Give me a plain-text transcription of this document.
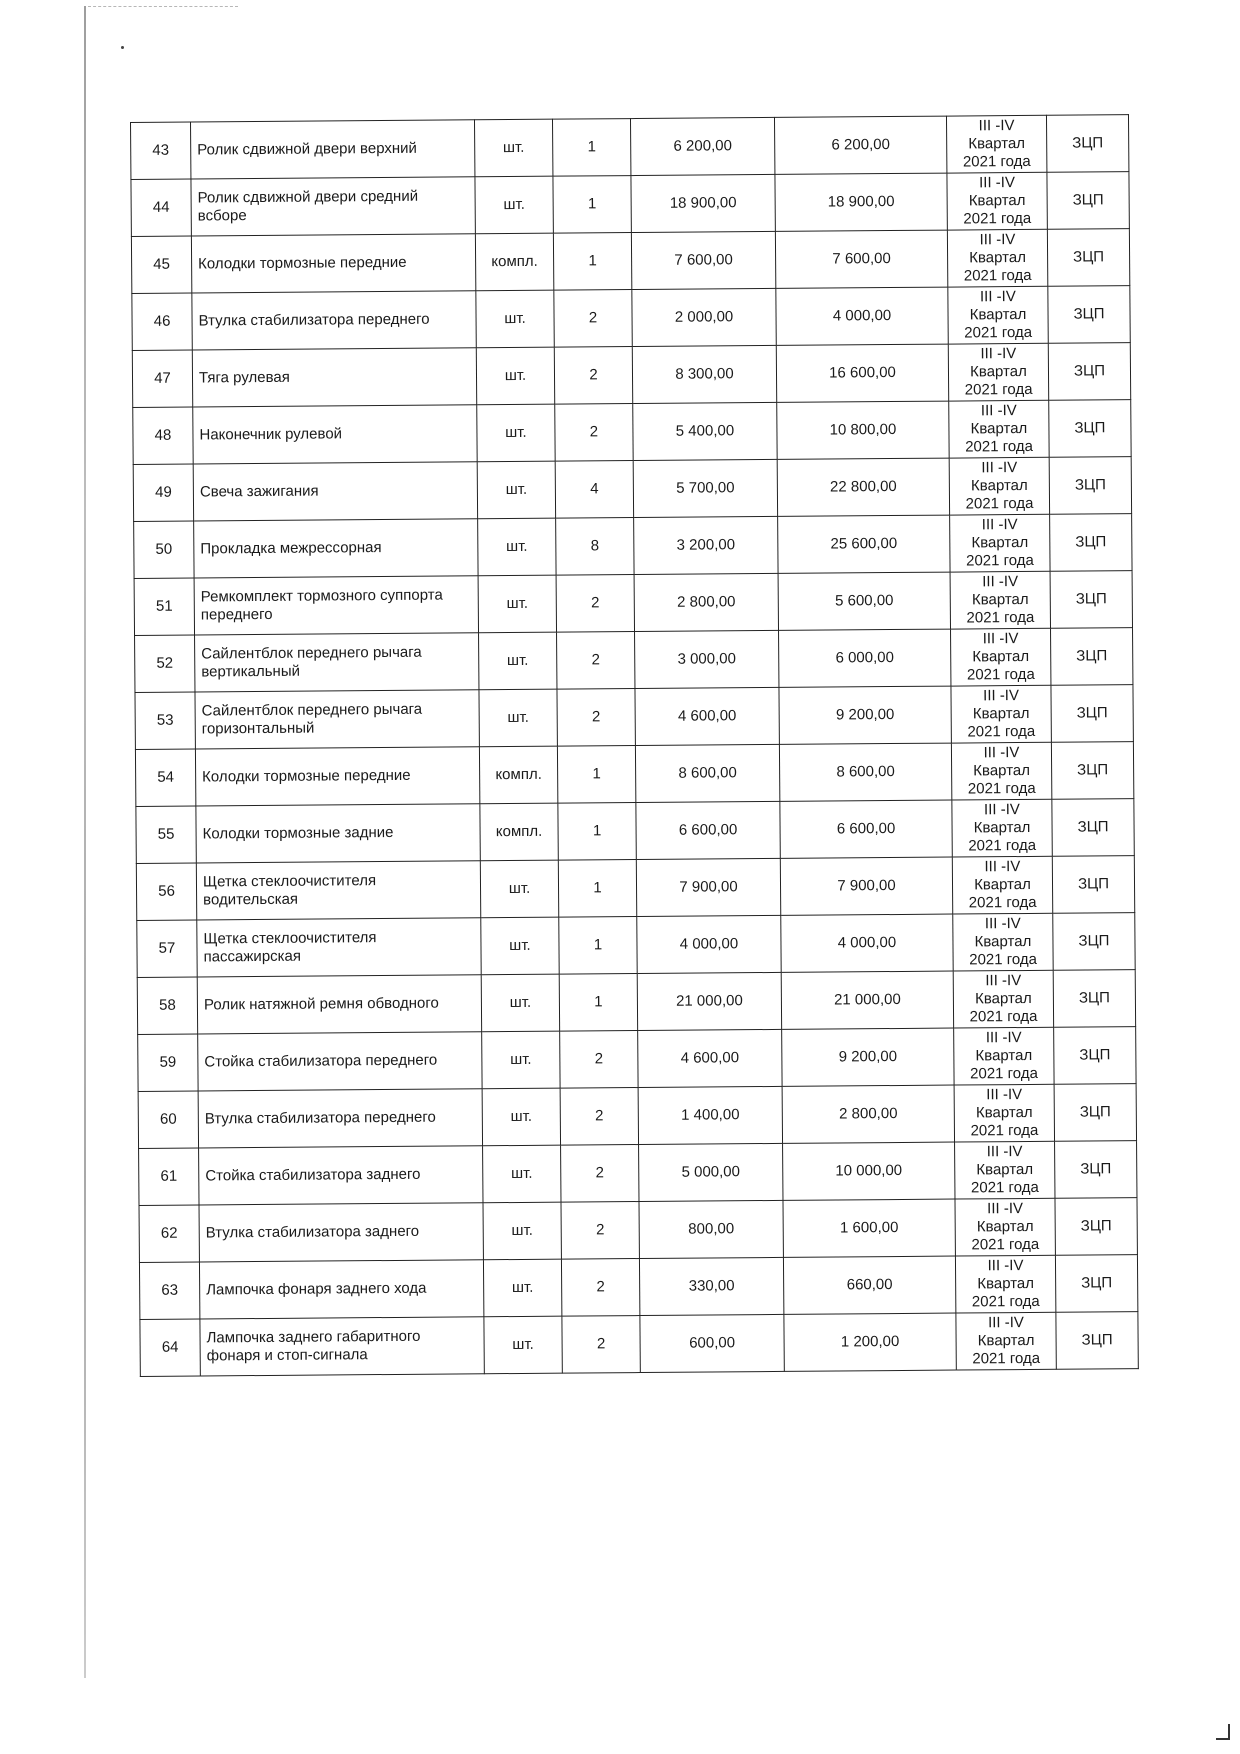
43	Ролик сдвижной двери верхний	шт.	1	6 200,00	6 200,00	III -IV
Квартал
2021 года	ЗЦП
44	Ролик сдвижной двери средний всборе	шт.	1	18 900,00	18 900,00	III -IV
Квартал
2021 года	ЗЦП
45	Колодки тормозные передние	компл.	1	7 600,00	7 600,00	III -IV
Квартал
2021 года	ЗЦП
46	Втулка стабилизатора переднего	шт.	2	2 000,00	4 000,00	III -IV
Квартал
2021 года	ЗЦП
47	Тяга рулевая	шт.	2	8 300,00	16 600,00	III -IV
Квартал
2021 года	ЗЦП
48	Наконечник рулевой	шт.	2	5 400,00	10 800,00	III -IV
Квартал
2021 года	ЗЦП
49	Свеча зажигания	шт.	4	5 700,00	22 800,00	III -IV
Квартал
2021 года	ЗЦП
50	Прокладка межрессорная	шт.	8	3 200,00	25 600,00	III -IV
Квартал
2021 года	ЗЦП
51	Ремкомплект тормозного суппорта переднего	шт.	2	2 800,00	5 600,00	III -IV
Квартал
2021 года	ЗЦП
52	Сайлентблок переднего рычага вертикальный	шт.	2	3 000,00	6 000,00	III -IV
Квартал
2021 года	ЗЦП
53	Сайлентблок переднего рычага горизонтальный	шт.	2	4 600,00	9 200,00	III -IV
Квартал
2021 года	ЗЦП
54	Колодки тормозные передние	компл.	1	8 600,00	8 600,00	III -IV
Квартал
2021 года	ЗЦП
55	Колодки тормозные задние	компл.	1	6 600,00	6 600,00	III -IV
Квартал
2021 года	ЗЦП
56	Щетка стеклоочистителя водительская	шт.	1	7 900,00	7 900,00	III -IV
Квартал
2021 года	ЗЦП
57	Щетка стеклоочистителя пассажирская	шт.	1	4 000,00	4 000,00	III -IV
Квартал
2021 года	ЗЦП
58	Ролик натяжной ремня обводного	шт.	1	21 000,00	21 000,00	III -IV
Квартал
2021 года	ЗЦП
59	Стойка стабилизатора переднего	шт.	2	4 600,00	9 200,00	III -IV
Квартал
2021 года	ЗЦП
60	Втулка стабилизатора переднего	шт.	2	1 400,00	2 800,00	III -IV
Квартал
2021 года	ЗЦП
61	Стойка стабилизатора заднего	шт.	2	5 000,00	10 000,00	III -IV
Квартал
2021 года	ЗЦП
62	Втулка стабилизатора заднего	шт.	2	800,00	1 600,00	III -IV
Квартал
2021 года	ЗЦП
63	Лампочка фонаря заднего хода	шт.	2	330,00	660,00	III -IV
Квартал
2021 года	ЗЦП
64	Лампочка заднего габаритного фонаря и стоп-сигнала	шт.	2	600,00	1 200,00	III -IV
Квартал
2021 года	ЗЦП
